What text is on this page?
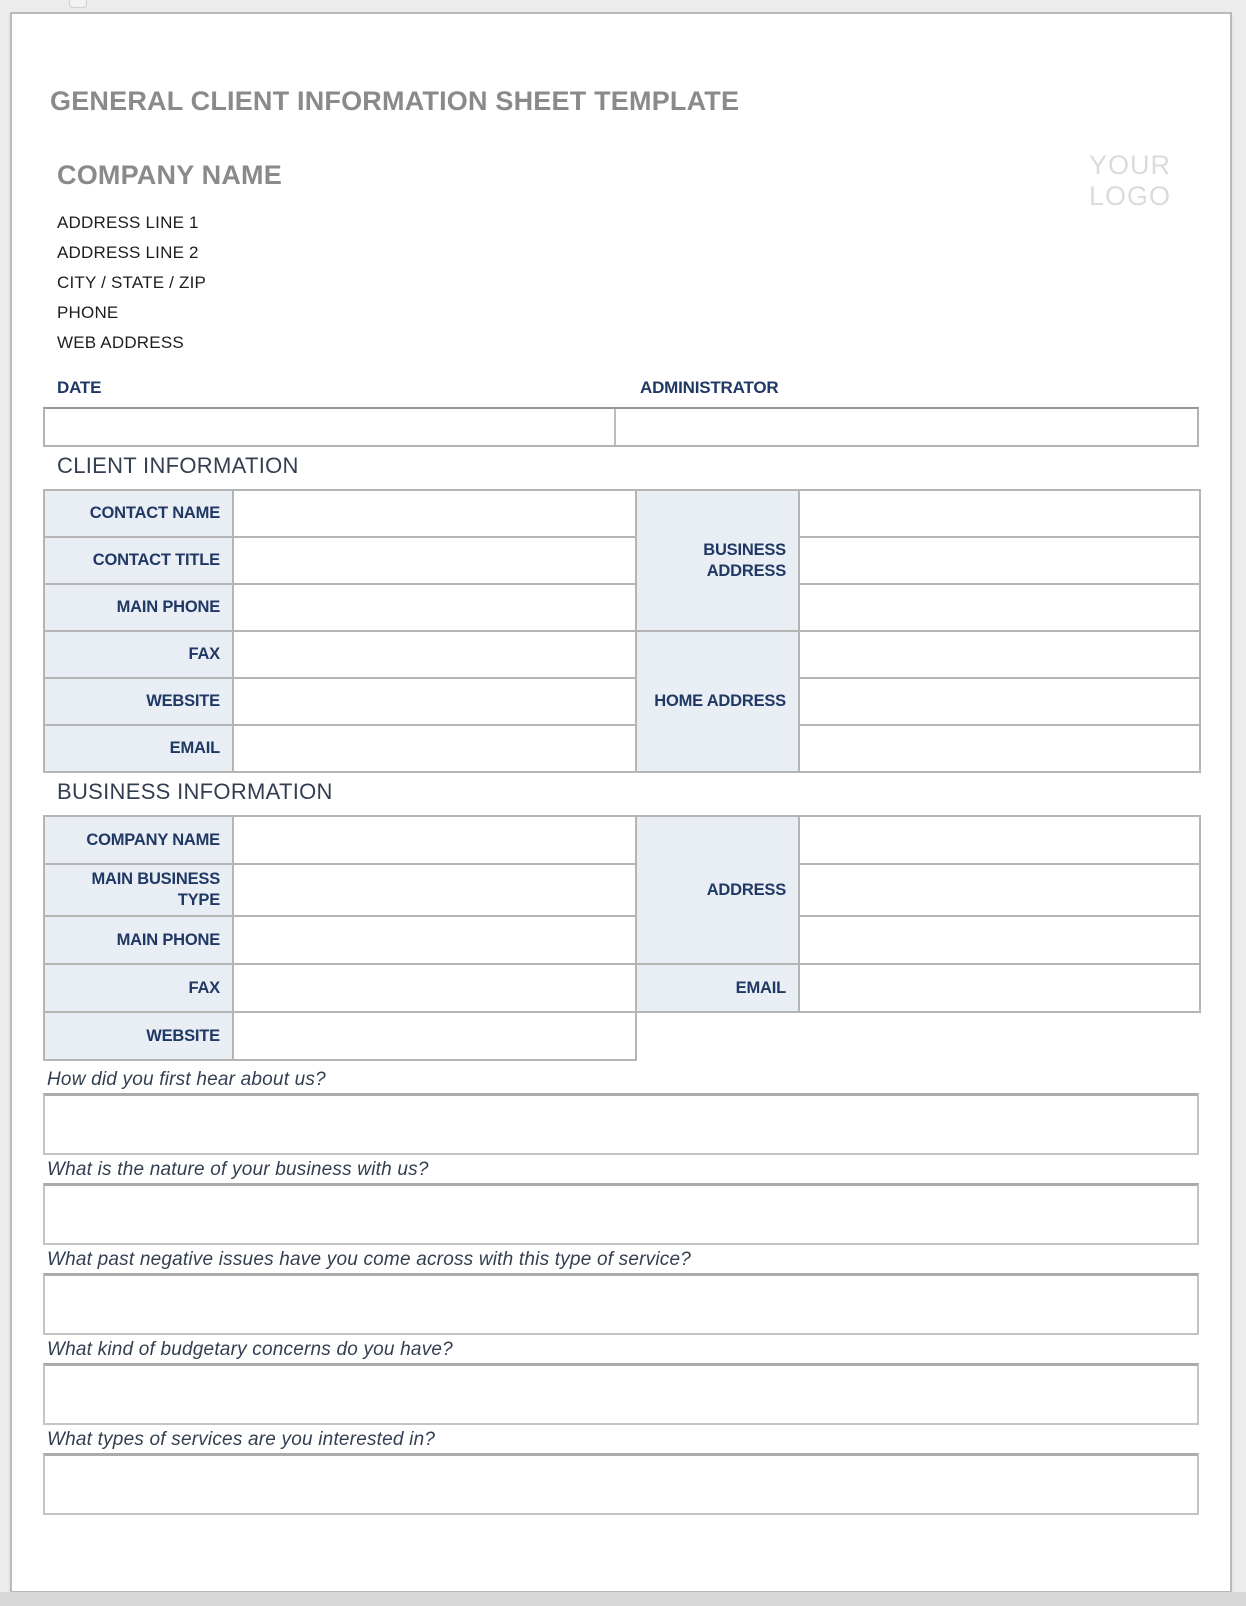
GENERAL CLIENT INFORMATION SHEET TEMPLATE
YOUR
LOGO
COMPANY NAME
ADDRESS LINE 1
ADDRESS LINE 2
CITY / STATE / ZIP
PHONE
WEB ADDRESS
DATE	ADMINISTRATOR
CLIENT INFORMATION
CONTACT NAME		BUSINESS ADDRESS	
CONTACT TITLE			
MAIN PHONE			
FAX		HOME ADDRESS	
WEBSITE			
EMAIL			
BUSINESS INFORMATION
COMPANY NAME		ADDRESS	
MAIN BUSINESS TYPE			
MAIN PHONE			
FAX		EMAIL	
WEBSITE			
How did you first hear about us?
What is the nature of your business with us?
What past negative issues have you come across with this type of service?
What kind of budgetary concerns do you have?
What types of services are you interested in?
